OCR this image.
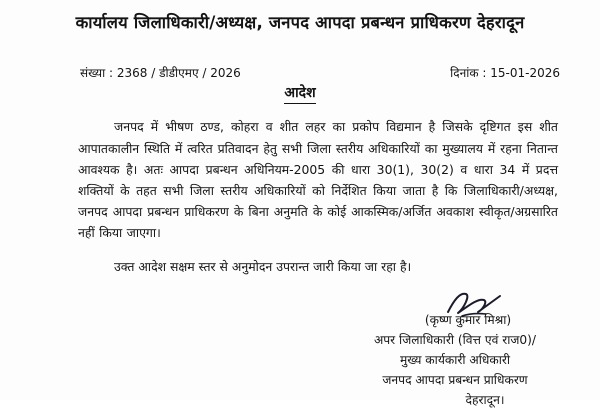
कार्यालय जिलाधिकारी/अध्यक्ष, जनपद आपदा प्रबन्धन प्राधिकरण देहरादून
संख्या : 2368 / डीडीएमए / 2026	दिनांक : 15-01-2026
आदेश

जनपद में भीषण ठण्ड, कोहरा व शीत लहर का प्रकोप विद्यमान है जिसके दृष्टिगत इस शीत आपातकालीन स्थिति में त्वरित प्रतिवादन हेतु सभी जिला स्तरीय अधिकारियों का मुख्यालय में रहना नितान्त आवश्यक है। अतः आपदा प्रबन्धन अधिनियम-2005 की धारा 30(1), 30(2) व धारा 34 में प्रदत्त शक्तियों के तहत सभी जिला स्तरीय अधिकारियों को निर्देशित किया जाता है कि जिलाधिकारी/अध्यक्ष, जनपद आपदा प्रबन्धन प्राधिकरण के बिना अनुमति के कोई आकस्मिक/अर्जित अवकाश स्वीकृत/अग्रसारित नहीं किया जाएगा।

उक्त आदेश सक्षम स्तर से अनुमोदन उपरान्त जारी किया जा रहा है।
(कृष्ण कुमार मिश्रा)
अपर जिलाधिकारी (वित्त एवं राज0)/
मुख्य कार्यकारी अधिकारी
जनपद आपदा प्रबन्धन प्राधिकरण
देहरादून।
